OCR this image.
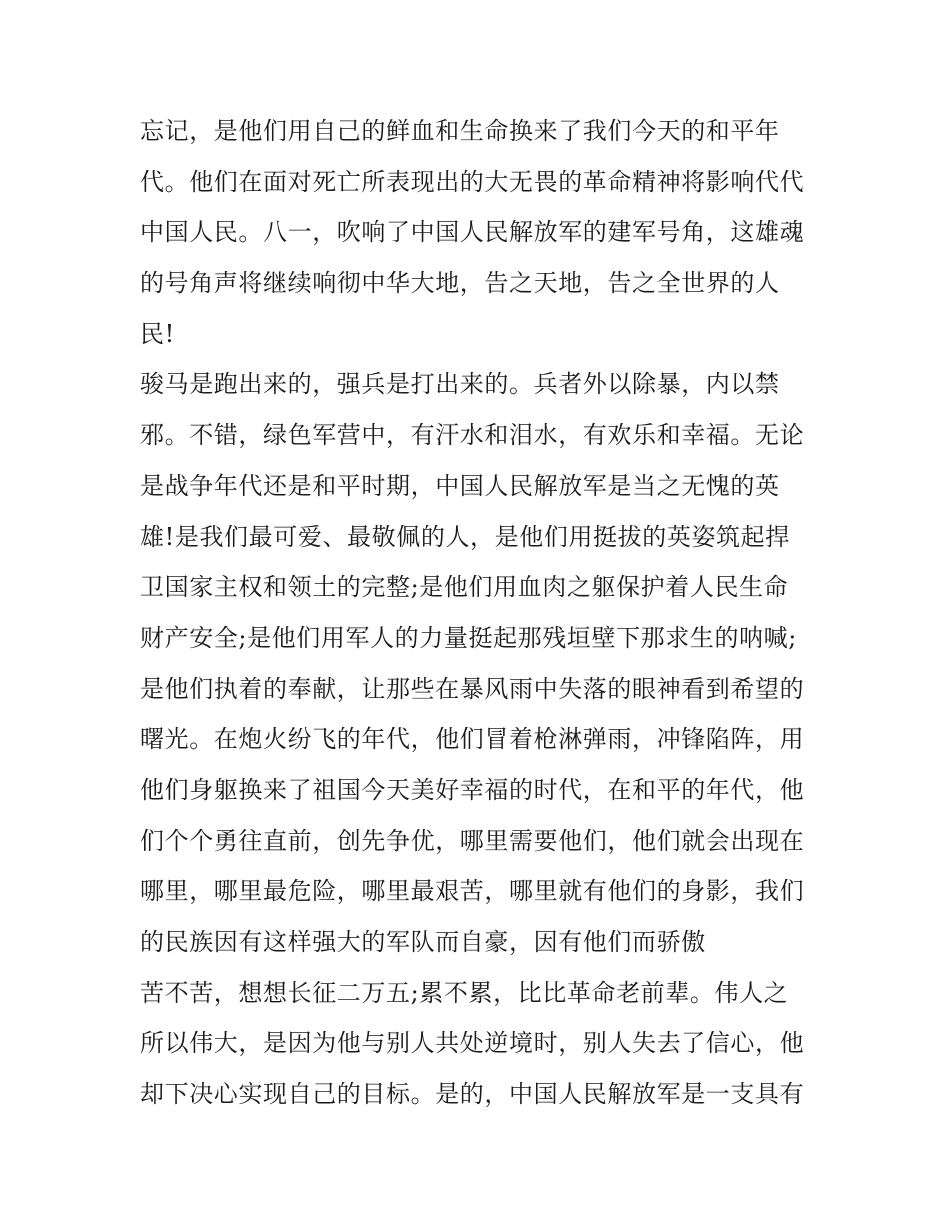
忘记，是他们用自己的鲜血和生命换来了我们今天的和平年
代。他们在面对死亡所表现出的大无畏的革命精神将影响代代
中国人民。八一，吹响了中国人民解放军的建军号角，这雄魂
的号角声将继续响彻中华大地，告之天地，告之全世界的人
民!
骏马是跑出来的，强兵是打出来的。兵者外以除暴，内以禁
邪。不错，绿色军营中，有汗水和泪水，有欢乐和幸福。无论
是战争年代还是和平时期，中国人民解放军是当之无愧的英
雄!是我们最可爱、最敬佩的人，是他们用挺拔的英姿筑起捍
卫国家主权和领土的完整;是他们用血肉之躯保护着人民生命
财产安全;是他们用军人的力量挺起那残垣壁下那求生的呐喊;
是他们执着的奉献，让那些在暴风雨中失落的眼神看到希望的
曙光。在炮火纷飞的年代，他们冒着枪淋弹雨，冲锋陷阵，用
他们身躯换来了祖国今天美好幸福的时代，在和平的年代，他
们个个勇往直前，创先争优，哪里需要他们，他们就会出现在
哪里，哪里最危险，哪里最艰苦，哪里就有他们的身影，我们
的民族因有这样强大的军队而自豪，因有他们而骄傲
苦不苦，想想长征二万五;累不累，比比革命老前辈。伟人之
所以伟大，是因为他与别人共处逆境时，别人失去了信心，他
却下决心实现自己的目标。是的，中国人民解放军是一支具有
